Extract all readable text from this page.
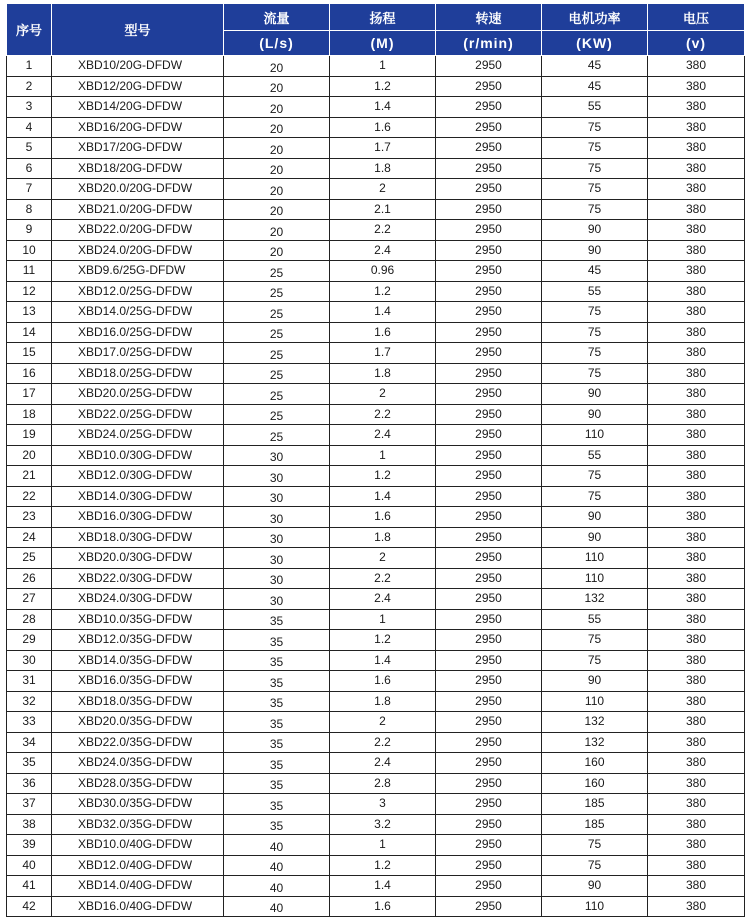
序号	型号	流量	扬程	转速	电机功率	电压
		(L/s)	(M)	(r/min)	(KW)	(v)
1	XBD10/20G-DFDW	20	1	2950	45	380
2	XBD12/20G-DFDW	20	1.2	2950	45	380
3	XBD14/20G-DFDW	20	1.4	2950	55	380
4	XBD16/20G-DFDW	20	1.6	2950	75	380
5	XBD17/20G-DFDW	20	1.7	2950	75	380
6	XBD18/20G-DFDW	20	1.8	2950	75	380
7	XBD20.0/20G-DFDW	20	2	2950	75	380
8	XBD21.0/20G-DFDW	20	2.1	2950	75	380
9	XBD22.0/20G-DFDW	20	2.2	2950	90	380
10	XBD24.0/20G-DFDW	20	2.4	2950	90	380
11	XBD9.6/25G-DFDW	25	0.96	2950	45	380
12	XBD12.0/25G-DFDW	25	1.2	2950	55	380
13	XBD14.0/25G-DFDW	25	1.4	2950	75	380
14	XBD16.0/25G-DFDW	25	1.6	2950	75	380
15	XBD17.0/25G-DFDW	25	1.7	2950	75	380
16	XBD18.0/25G-DFDW	25	1.8	2950	75	380
17	XBD20.0/25G-DFDW	25	2	2950	90	380
18	XBD22.0/25G-DFDW	25	2.2	2950	90	380
19	XBD24.0/25G-DFDW	25	2.4	2950	110	380
20	XBD10.0/30G-DFDW	30	1	2950	55	380
21	XBD12.0/30G-DFDW	30	1.2	2950	75	380
22	XBD14.0/30G-DFDW	30	1.4	2950	75	380
23	XBD16.0/30G-DFDW	30	1.6	2950	90	380
24	XBD18.0/30G-DFDW	30	1.8	2950	90	380
25	XBD20.0/30G-DFDW	30	2	2950	110	380
26	XBD22.0/30G-DFDW	30	2.2	2950	110	380
27	XBD24.0/30G-DFDW	30	2.4	2950	132	380
28	XBD10.0/35G-DFDW	35	1	2950	55	380
29	XBD12.0/35G-DFDW	35	1.2	2950	75	380
30	XBD14.0/35G-DFDW	35	1.4	2950	75	380
31	XBD16.0/35G-DFDW	35	1.6	2950	90	380
32	XBD18.0/35G-DFDW	35	1.8	2950	110	380
33	XBD20.0/35G-DFDW	35	2	2950	132	380
34	XBD22.0/35G-DFDW	35	2.2	2950	132	380
35	XBD24.0/35G-DFDW	35	2.4	2950	160	380
36	XBD28.0/35G-DFDW	35	2.8	2950	160	380
37	XBD30.0/35G-DFDW	35	3	2950	185	380
38	XBD32.0/35G-DFDW	35	3.2	2950	185	380
39	XBD10.0/40G-DFDW	40	1	2950	75	380
40	XBD12.0/40G-DFDW	40	1.2	2950	75	380
41	XBD14.0/40G-DFDW	40	1.4	2950	90	380
42	XBD16.0/40G-DFDW	40	1.6	2950	110	380
